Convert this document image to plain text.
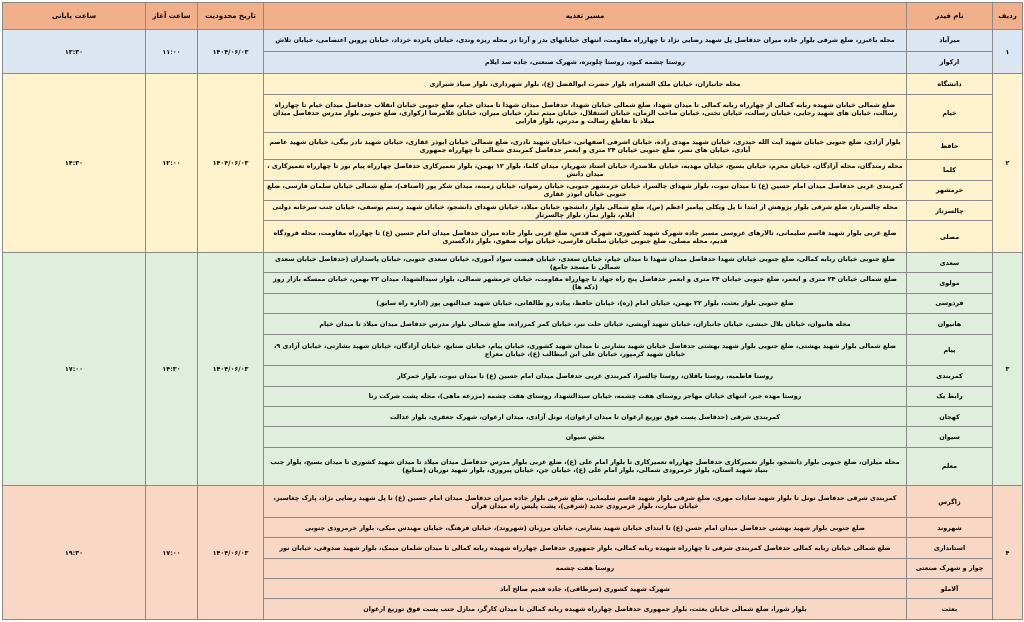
ردیف	نام فیدر	مسیر تغذیه	تاریخ محدودیت	ساعت آغاز	ساعت پایانی
۱	میرآباد	محله باغبزر، ضلع شرقی بلوار جاده میران حدفاصل پل شهید رضایی نژاد تا چهارراه مقاومت، انتهای خیابانهای بدر و آرتا در محله ریزه وندی، خیابان پانزده خرداد، خیابان پروین اعتصامی، خیابان تلاش	۱۴۰۴/۰۶/۰۳	۱۱:۰۰	۱۳:۳۰
	ارکواز	روستا چشمه کبود، روستا چلوبره، شهرک صنعتی، جاده سد ایلام			
۲	دانشگاه	محله جانبازان، خیابان ملک الشعراء، بلوار حضرت ابوالفضل (ع)، بلوار شهرداری، بلوار صیاد شیرازی	۱۴۰۴/۰۶/۰۳	۱۲:۰۰	۱۴:۳۰
	خیام	ضلع شمالی خیابان شهیده ربابه کمالی از چهارراه ربابه کمالی تا میدان شهدا، ضلع شمالی خیابان شهدا، حدفاصل میدان شهدا تا میدان خیام، ضلع جنوبی خیابان انقلاب حدفاصل میدان خیام تا چهارراه رسالت، خیابان های شهید رجایی، خیابان رسالت، خیابان تختی، خیابان صاحب الزمان، خیابان استقلال، خیابان میثم تمار، خیابان میران، خیابان غلامرضا ارکوازی، ضلع جنوبی بلوار مدرس حدفاصل میدان میلاد تا تقاطع رسالت و مدرس، بلوار فارابی			
	حافظ	بلوار آزادی، ضلع جنوبی خیابان شهید آیت الله حیدری، خیابان شهید مهدی زاده، خیابان اشرفی اصفهانی، خیابان شهید نادری، ضلع شمالی خیابان ابوذر غفاری، خیابان شهید نادر بیگی، خیابان شهید عاصم آبادی، خیابان های نصر، ضلع جنوبی خیابان ۲۴ متری و ابعمر حدفاصل کمربندی شمالی تا چهارراه جمهوری			
	کلما	محله زمندگان، محله آزادگان، خیابان محرم، خیابان بسیج، خیابان مهدیه، خیابان ملاصدرا، خیابان استاد شهریار، میدان کلما، بلوار ۱۲ بهمن، بلوار تعمیرکاری حدفاصل چهارراه پیام نور تا چهارراه تعمیرکاری ، میدان دانش			
	خرمشهر	کمربندی غربی حدفاصل میدان امام حسین (ع) تا میدان نبوت، بلوار شهدای چالسرا، خیابان خرمشهر جنوبی، خیابان رضوان، خیابان زمینه، میدان شکر پور (اصناف)، ضلع شمالی خیابان سلمان فارسی، ضلع جنوبی خیابان ابوذر غفاری			
	چالسرتاز	محله چالسرتاز، ضلع شرقی بلوار پژوهش از ابتدا تا پل ویکلی پیامبر اعظم (ص)، ضلع شمالی بلوار دانشجو، خیابان میلاد، خیابان شهدای دانشجو، خیابان شهید رستم یوسفی، خیابان جنب سرخانه دولتی ایلام، بلوار نماز، بلوار چالسرتاز			
	مصلی	ضلع غربی بلوار شهید قاسم سلیمانی، تالارهای عروسی مسیر جاده شهرک شهید کشوری، شهرک قدس، ضلع غربی بلوار جاده میران حدفاصل میدان امام حسین (ع) تا چهارراه مقاومت، محله فرودگاه قدیم، محله مصلی، ضلع جنوبی خیابان سلمان فارسی، خیابان نواب صفوی، بلوار دادگستری			
۳	سعدی	ضلع جنوبی خیابان ربابه کمالی، ضلع جنوبی خیابان شهدا حدفاصل میدان شهدا تا میدان خیام، خیابان سعدی، خیابان فیضت سواد آموزی، خیابان سعدی جنوبی، خیابان پاسداران (حدفاصل خیابان سعدی شمالی تا مسجد جامع)	۱۴۰۴/۰۶/۰۳	۱۴:۳۰	۱۷:۰۰
	مولوی	ضلع شمالی خیابان ۲۴ متری و ابعمر، ضلع جنوبی خیابان ۲۴ متری و ابعمر حدفاصل پنج راه جهاد تا چهارراه مقاومت، خیابان خرمشهر شمالی، بلوار سیدالشهدا، میدان ۲۲ بهمن، خیابان ممسکه بازار روز (دکه ها)			
	فردوسی	ضلع جنوبی بلوار بعثت، بلوار ۲۲ بهمن، خیابان امام (ره)، خیابان حافظ، پیاده رو طالقانی، خیابان شهید عبدالنهی پور (اداره راه سابق)			
	هانیوان	محله هانیوان، خیابان بلال حبشی، خیابان جانبازان، خیابان شهید آویشی، خیابان حلت نیر، خیابان کمر کمرزاده، ضلع شمالی بلوار مدرس حدفاصل میدان میلاد تا میدان خیام			
	پیام	ضلع شمالی بلوار شهید بهشتی، ضلع جنوبی بلوار شهید بهشتی حدفاصل خیابان شهید بشارتی تا میدان شهید کشوری، خیابان پیام، خیابان صنایع، خیابان آزادگان، خیابان شهید بشارتی، خیابان آزادی ۹، خیابان شهید کرمپور، خیابان علی ابن ابیطالب (ع)، خیابان معراج			
	کمربندی	روستا فاطمیه، روستا باقلان، روستا چالسرا، کمربندی غربی حدفاصل میدان امام حسین (ع) تا میدان نبوت، بلوار خمرکار			
	رابط یک	روستا مهده جیر، انتهای خیابان مهاجر روستای هفت چشمه، خیابان سیدالشهدا، روستای هفت چشمه (مزرعه ماهی)، محله پشت شرکت رنا			
	کهجان	کمربندی شرقی (حدفاصل پست فوق توزیع ارغوان تا میدان ارغوان)، تونل آزادی، میدان ارغوان، شهرک جعفری، بلوار عدالت			
	سیوان	بخش سیوان			
	معلم	محله میلزان، ضلع جنوبی بلوار دانشجو، بلوار تعمیرکاری حدفاصل چهارراه تعمیرکاری تا بلوار امام علی (ع)، ضلع غربی بلوار مدرس حدفاصل میدان میلاد تا میدان شهید کشوری تا میدان بسیج، بلوار جنب بنیاد شهید استان، بلوار خرمرودی شمالی، بلوار امام علی (ع)، خیابان جن، خیابان پیروزی، بلوار شهید نوریان (صنایع)			
۴	زاگرس	کمربندی شرقی حدفاصل تونل تا بلوار شهید سادات مهری، ضلع شرقی بلوار شهید قاسم سلیمانی، ضلع شرقی بلوار جاده میران حدفاصل میدان امام حسین (ع) تا پل شهید رضایی نژاد، پارک چغاسبز، خیابان میارت، بلوار خرمرودی جدید (شرقی)، پشت پلیس راه میدان قرآن	۱۴۰۴/۰۶/۰۳	۱۷:۰۰	۱۹:۳۰
	شهروند	ضلع جنوبی بلوار شهید بهشتی حدفاصل میدان امام حسن (ع) تا ابتدای خیابان شهید بشارتی، خیابان مرزبان (شهروند)، خیابان فرهنگ، خیابان مهندس میکی، بلوار خرمرودی جنوبی			
	استانداری	ضلع شمالی خیابان ربابه کمالی حدفاصل کمربندی شرقی تا چهارراه شهیده ربابه کمالی، بلوار جمهوری حدفاصل چهارراه شهیده ربابه کمالی تا میدان شلمان میمک، بلوار شهید صدوقی، خیابان نور			
	چوار و شهرک صنعتی	روستا هفت چشمه			
	آلاملو	شهرک شهید کشوری (سرطاقی)، جاده قدیم صالح آباد			
	بعثت	بلوار شورا، ضلع شمالی خیابان بعثت، بلوار جمهوری حدفاصل چهارراه شهیده ربابه کمالی تا میدان کارگر، منازل جنب پست فوق توزیع ارغوان			
